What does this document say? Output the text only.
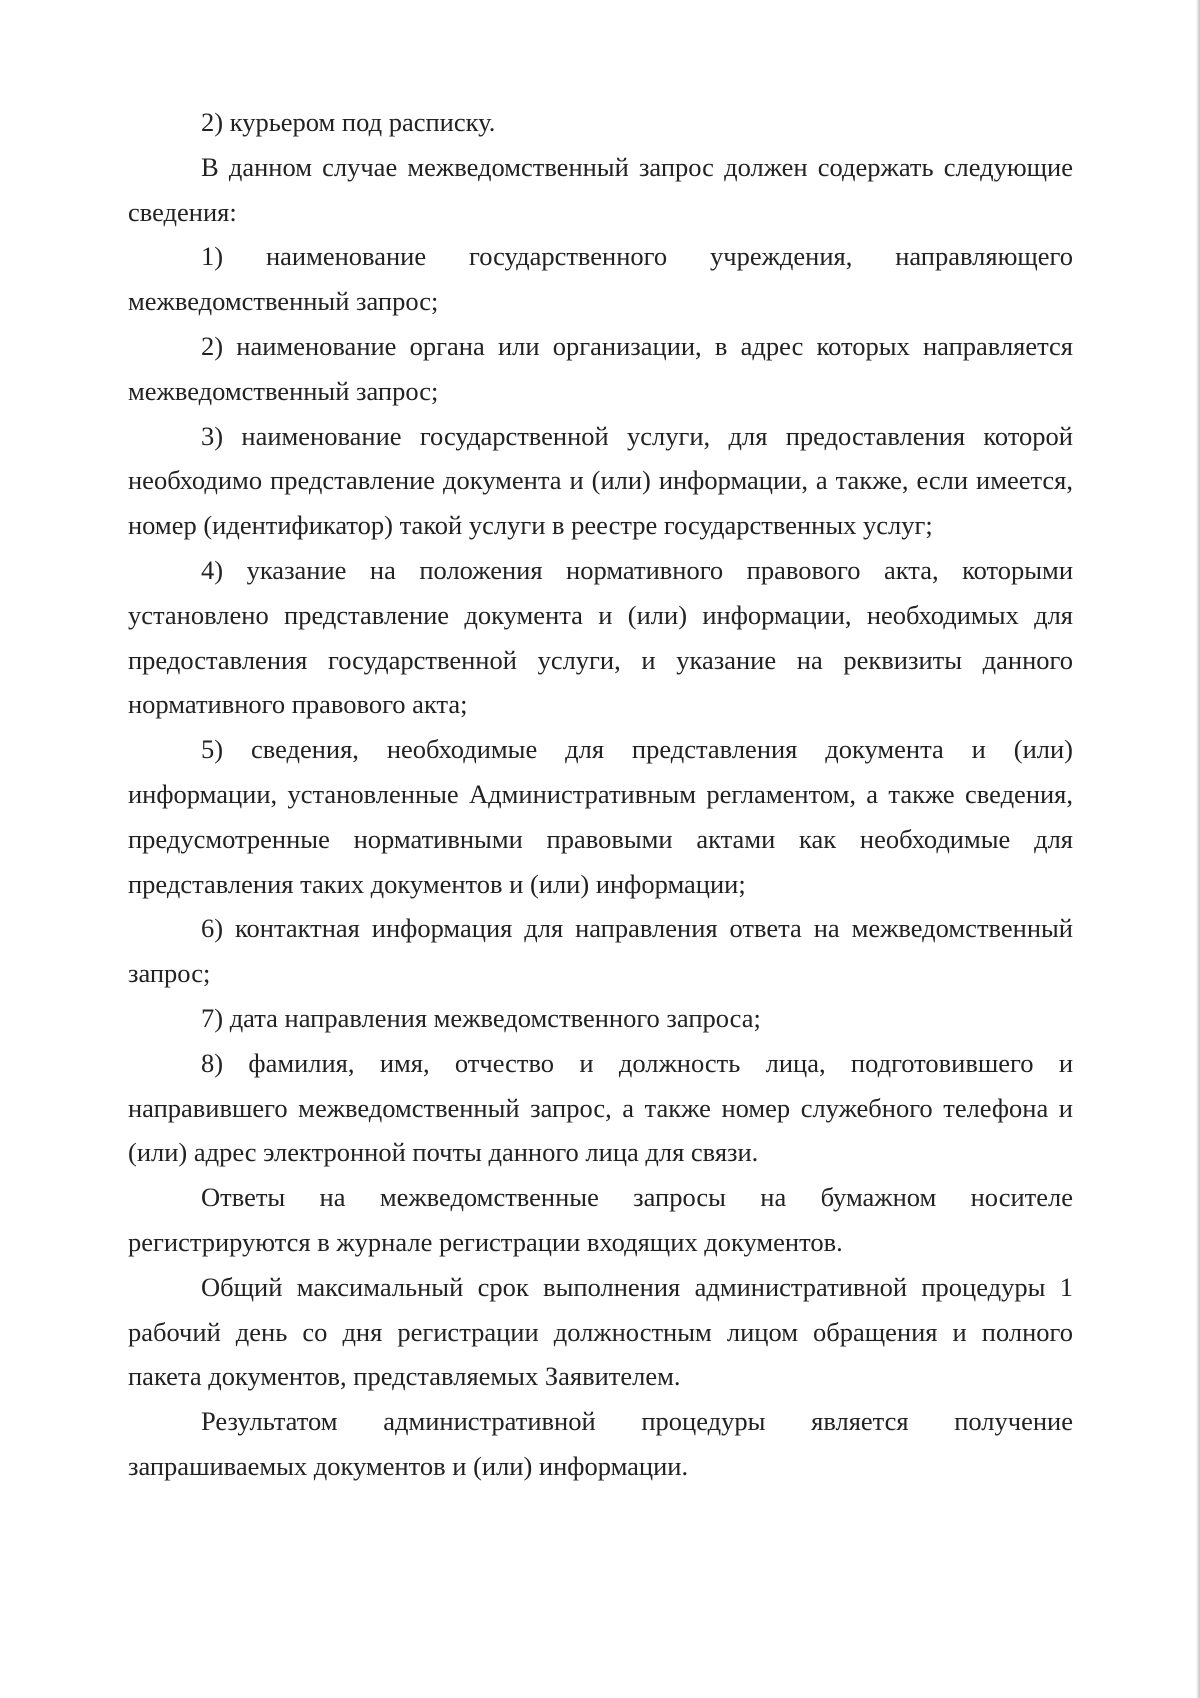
2) курьером под расписку.

В данном случае межведомственный запрос должен содержать следующие сведения:

1) наименование государственного учреждения, направляющего межведомственный запрос;

2) наименование органа или организации, в адрес которых направляется межведомственный запрос;

3) наименование государственной услуги, для предоставления которой необходимо представление документа и (или) информации, а также, если имеется, номер (идентификатор) такой услуги в реестре государственных услуг;

4) указание на положения нормативного правового акта, которыми установлено представление документа и (или) информации, необходимых для предоставления государственной услуги, и указание на реквизиты данного нормативного правового акта;

5) сведения, необходимые для представления документа и (или) информации, установленные Административным регламентом, а также сведения, предусмотренные нормативными правовыми актами как необходимые для представления таких документов и (или) информации;

6) контактная информация для направления ответа на межведомственный запрос;

7) дата направления межведомственного запроса;

8) фамилия, имя, отчество и должность лица, подготовившего и направившего межведомственный запрос, а также номер служебного телефона и (или) адрес электронной почты данного лица для связи.

Ответы на межведомственные запросы на бумажном носителе регистрируются в журнале регистрации входящих документов.

Общий максимальный срок выполнения административной процедуры 1 рабочий день со дня регистрации должностным лицом обращения и полного пакета документов, представляемых Заявителем.

Результатом административной процедуры является получение запрашиваемых документов и (или) информации.
